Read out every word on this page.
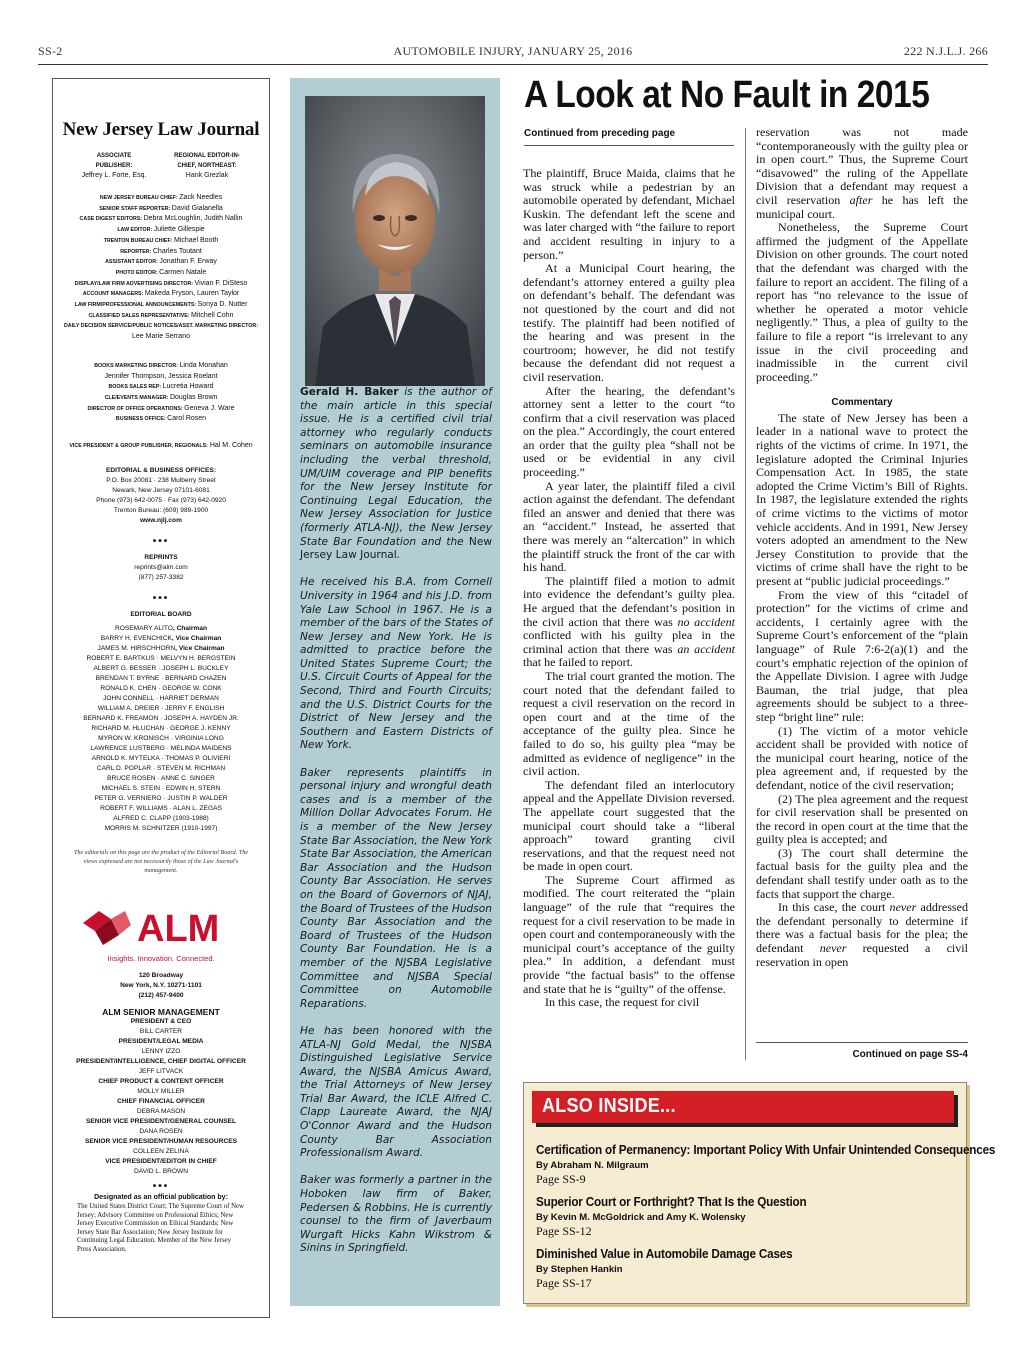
SS-2	AUTOMOBILE INJURY, JANUARY 25, 2016	222 N.J.L.J. 266
New Jersey Law Journal
ASSOCIATE PUBLISHER:
Jeffrey L. Forte, Esq.
REGIONAL EDITOR-IN-CHIEF, NORTHEAST:
Hank Grezlak
NEW JERSEY BUREAU CHIEF: Zack Needles
SENIOR STAFF REPORTER: David Gialanella
CASE DIGEST EDITORS: Debra McLoughlin, Judith Nallin
LAW EDITOR: Juliette Gillespie
TRENTON BUREAU CHIEF: Michael Booth
REPORTER: Charles Toutant
ASSISTANT EDITOR: Jonathan F. Erway
PHOTO EDITOR: Carmen Natale
DISPLAY/LAW FIRM ADVERTISING DIRECTOR: Vivian F. DiSteso
ACCOUNT MANAGERS: Makeda Fryson, Lauren Taylor
LAW FIRM/PROFESSIONAL ANNOUNCEMENTS: Sonya D. Nutter
CLASSIFIED SALES REPRESENTATIVE: Mitchell Cohn
DAILY DECISION SERVICE/PUBLIC NOTICES/ASST. MARKETING DIRECTOR:
Lee Marie Serrano
BOOKS MARKETING DIRECTOR: Linda Monahan
Jennifer Thompson, Jessica Roelant
BOOKS SALES REP: Lucretia Howard
CLE/EVENTS MANAGER: Douglas Brown
DIRECTOR OF OFFICE OPERATIONS: Geneva J. Ware
BUSINESS OFFICE: Carol Rosen
VICE PRESIDENT & GROUP PUBLISHER, REGIONALS: Hal M. Cohen
EDITORIAL & BUSINESS OFFICES:
P.O. Box 20081 · 238 Mulberry Street
Newark, New Jersey 07101-6081
Phone (973) 642-0075 · Fax (973) 642-0920
Trenton Bureau: (609) 989-1900
www.njlj.com
•••
REPRINTS
reprints@alm.com
(877) 257-3382
•••
EDITORIAL BOARD
ROSEMARY ALITO, Chairman
BARRY H. EVENCHICK, Vice Chairman
JAMES M. HIRSCHHORN, Vice Chairman
ROBERT E. BARTKUS · MELVYN H. BERGSTEIN
ALBERT G. BESSER · JOSEPH L. BUCKLEY
BRENDAN T. BYRNE · BERNARD CHAZEN
RONALD K. CHEN · GEORGE W. CONK
JOHN CONNELL · HARRIET DERMAN
WILLIAM A. DREIER · JERRY F. ENGLISH
BERNARD K. FREAMON · JOSEPH A. HAYDEN JR.
RICHARD M. HLUCHAN · GEORGE J. KENNY
MYRON W. KRONISCH · VIRGINIA LONG
LAWRENCE LUSTBERG · MELINDA MAIDENS
ARNOLD K. MYTELKA · THOMAS P. OLIVIERI
CARL D. POPLAR · STEVEN M. RICHMAN
BRUCE ROSEN · ANNE C. SINGER
MICHAEL S. STEIN · EDWIN H. STERN
PETER G. VERNIERO · JUSTIN P. WALDER
ROBERT F. WILLIAMS · ALAN L. ZEGAS
ALFRED C. CLAPP (1903-1988)
MORRIS M. SCHNITZER (1910-1997)
The editorials on this page are the product of the Editorial Board. The views expressed are not necessarily those of the Law Journal's management.
ALM
Insights. Innovation. Connected.
120 Broadway
New York, N.Y. 10271-1101
(212) 457-9400
ALM SENIOR MANAGEMENT
PRESIDENT & CEO
BILL CARTER
PRESIDENT/LEGAL MEDIA
LENNY IZZO
PRESIDENT/INTELLIGENCE, CHIEF DIGITAL OFFICER
JEFF LITVACK
CHIEF PRODUCT & CONTENT OFFICER
MOLLY MILLER
CHIEF FINANCIAL OFFICER
DEBRA MASON
SENIOR VICE PRESIDENT/GENERAL COUNSEL
DANA ROSEN
SENIOR VICE PRESIDENT/HUMAN RESOURCES
COLLEEN ZELINA
VICE PRESIDENT/EDITOR IN CHIEF
DAVID L. BROWN
•••
Designated as an official publication by:
The United States District Court; The Supreme Court of New Jersey; Advisory Committee on Professional Ethics; New Jersey Executive Commission on Ethical Standards; New Jersey State Bar Association; New Jersey Institute for Continuing Legal Education. Member of the New Jersey Press Association.

Gerald H. Baker is the author of the main article in this special issue. He is a certified civil trial attorney who regularly conducts seminars on automobile insurance including the verbal threshold, UM/UIM coverage and PIP benefits for the New Jersey Institute for Continuing Legal Education, the New Jersey Association for Justice (formerly ATLA-NJ), the New Jersey State Bar Foundation and the New Jersey Law Journal.

He received his B.A. from Cornell University in 1964 and his J.D. from Yale Law School in 1967. He is a member of the bars of the States of New Jersey and New York. He is admitted to practice before the United States Supreme Court; the U.S. Circuit Courts of Appeal for the Second, Third and Fourth Circuits; and the U.S. District Courts for the District of New Jersey and the Southern and Eastern Districts of New York.

Baker represents plaintiffs in personal injury and wrongful death cases and is a member of the Million Dollar Advocates Forum. He is a member of the New Jersey State Bar Association, the New York State Bar Association, the American Bar Association and the Hudson County Bar Association. He serves on the Board of Governors of NJAJ, the Board of Trustees of the Hudson County Bar Association and the Board of Trustees of the Hudson County Bar Foundation. He is a member of the NJSBA Legislative Committee and NJSBA Special Committee on Automobile Reparations.

He has been honored with the ATLA-NJ Gold Medal, the NJSBA Distinguished Legislative Service Award, the NJSBA Amicus Award, the Trial Attorneys of New Jersey Trial Bar Award, the ICLE Alfred C. Clapp Laureate Award, the NJAJ O'Connor Award and the Hudson County Bar Association Professionalism Award.

Baker was formerly a partner in the Hoboken law firm of Baker, Pedersen & Robbins. He is currently counsel to the firm of Javerbaum Wurgaft Hicks Kahn Wikstrom & Sinins in Springfield.

A Look at No Fault in 2015
Continued from preceding page

The plaintiff, Bruce Maida, claims that he was struck while a pedestrian by an automobile operated by defendant, Michael Kuskin. The defendant left the scene and was later charged with “the failure to report and accident resulting in injury to a person.”

At a Municipal Court hearing, the defendant’s attorney entered a guilty plea on defendant’s behalf. The defendant was not questioned by the court and did not testify. The plaintiff had been notified of the hearing and was present in the courtroom; however, he did not testify because the defendant did not request a civil reservation.

After the hearing, the defendant’s attorney sent a letter to the court “to confirm that a civil reservation was placed on the plea.” Accordingly, the court entered an order that the guilty plea “shall not be used or be evidential in any civil proceeding.”

A year later, the plaintiff filed a civil action against the defendant. The defendant filed an answer and denied that there was an “accident.” Instead, he asserted that there was merely an “altercation” in which the plaintiff struck the front of the car with his hand.

The plaintiff filed a motion to admit into evidence the defendant’s guilty plea. He argued that the defendant’s position in the civil action that there was no accident conflicted with his guilty plea in the criminal action that there was an accident that he failed to report.

The trial court granted the motion. The court noted that the defendant failed to request a civil reservation on the record in open court and at the time of the acceptance of the guilty plea. Since he failed to do so, his guilty plea “may be admitted as evidence of negligence” in the civil action.

The defendant filed an interlocutory appeal and the Appellate Division reversed. The appellate court suggested that the municipal court should take a “liberal approach” toward granting civil reservations, and that the request need not be made in open court.

The Supreme Court affirmed as modified. The court reiterated the “plain language” of the rule that “requires the request for a civil reservation to be made in open court and contemporaneously with the municipal court’s acceptance of the guilty plea.” In addition, a defendant must provide “the factual basis” to the offense and state that he is “guilty” of the offense.

In this case, the request for civil

reservation was not made “contemporaneously with the guilty plea or in open court.” Thus, the Supreme Court “disavowed” the ruling of the Appellate Division that a defendant may request a civil reservation after he has left the municipal court.

Nonetheless, the Supreme Court affirmed the judgment of the Appellate Division on other grounds. The court noted that the defendant was charged with the failure to report an accident. The filing of a report has “no relevance to the issue of whether he operated a motor vehicle negligently.” Thus, a plea of guilty to the failure to file a report “is irrelevant to any issue in the civil proceeding and inadmissible in the current civil proceeding.”

Commentary

The state of New Jersey has been a leader in a national wave to protect the rights of the victims of crime. In 1971, the legislature adopted the Criminal Injuries Compensation Act. In 1985, the state adopted the Crime Victim’s Bill of Rights. In 1987, the legislature extended the rights of crime victims to the victims of motor vehicle accidents. And in 1991, New Jersey voters adopted an amendment to the New Jersey Constitution to provide that the victims of crime shall have the right to be present at “public judicial proceedings.”

From the view of this “citadel of protection” for the victims of crime and accidents, I certainly agree with the Supreme Court’s enforcement of the “plain language” of Rule 7:6-2(a)(1) and the court’s emphatic rejection of the opinion of the Appellate Division. I agree with Judge Bauman, the trial judge, that plea agreements should be subject to a three-step “bright line” rule:

(1) The victim of a motor vehicle accident shall be provided with notice of the municipal court hearing, notice of the plea agreement and, if requested by the defendant, notice of the civil reservation;

(2) The plea agreement and the request for civil reservation shall be presented on the record in open court at the time that the guilty plea is accepted; and

(3) The court shall determine the factual basis for the guilty plea and the defendant shall testify under oath as to the facts that support the charge.

In this case, the court never addressed the defendant personally to determine if there was a factual basis for the plea; the defendant never requested a civil reservation in open

Continued on page SS-4
ALSO INSIDE...
Certification of Permanency: Important Policy With Unfair Unintended Consequences
By Abraham N. Milgraum
Page SS-9
Superior Court or Forthright? That Is the Question
By Kevin M. McGoldrick and Amy K. Wolensky
Page SS-12
Diminished Value in Automobile Damage Cases
By Stephen Hankin
Page SS-17
